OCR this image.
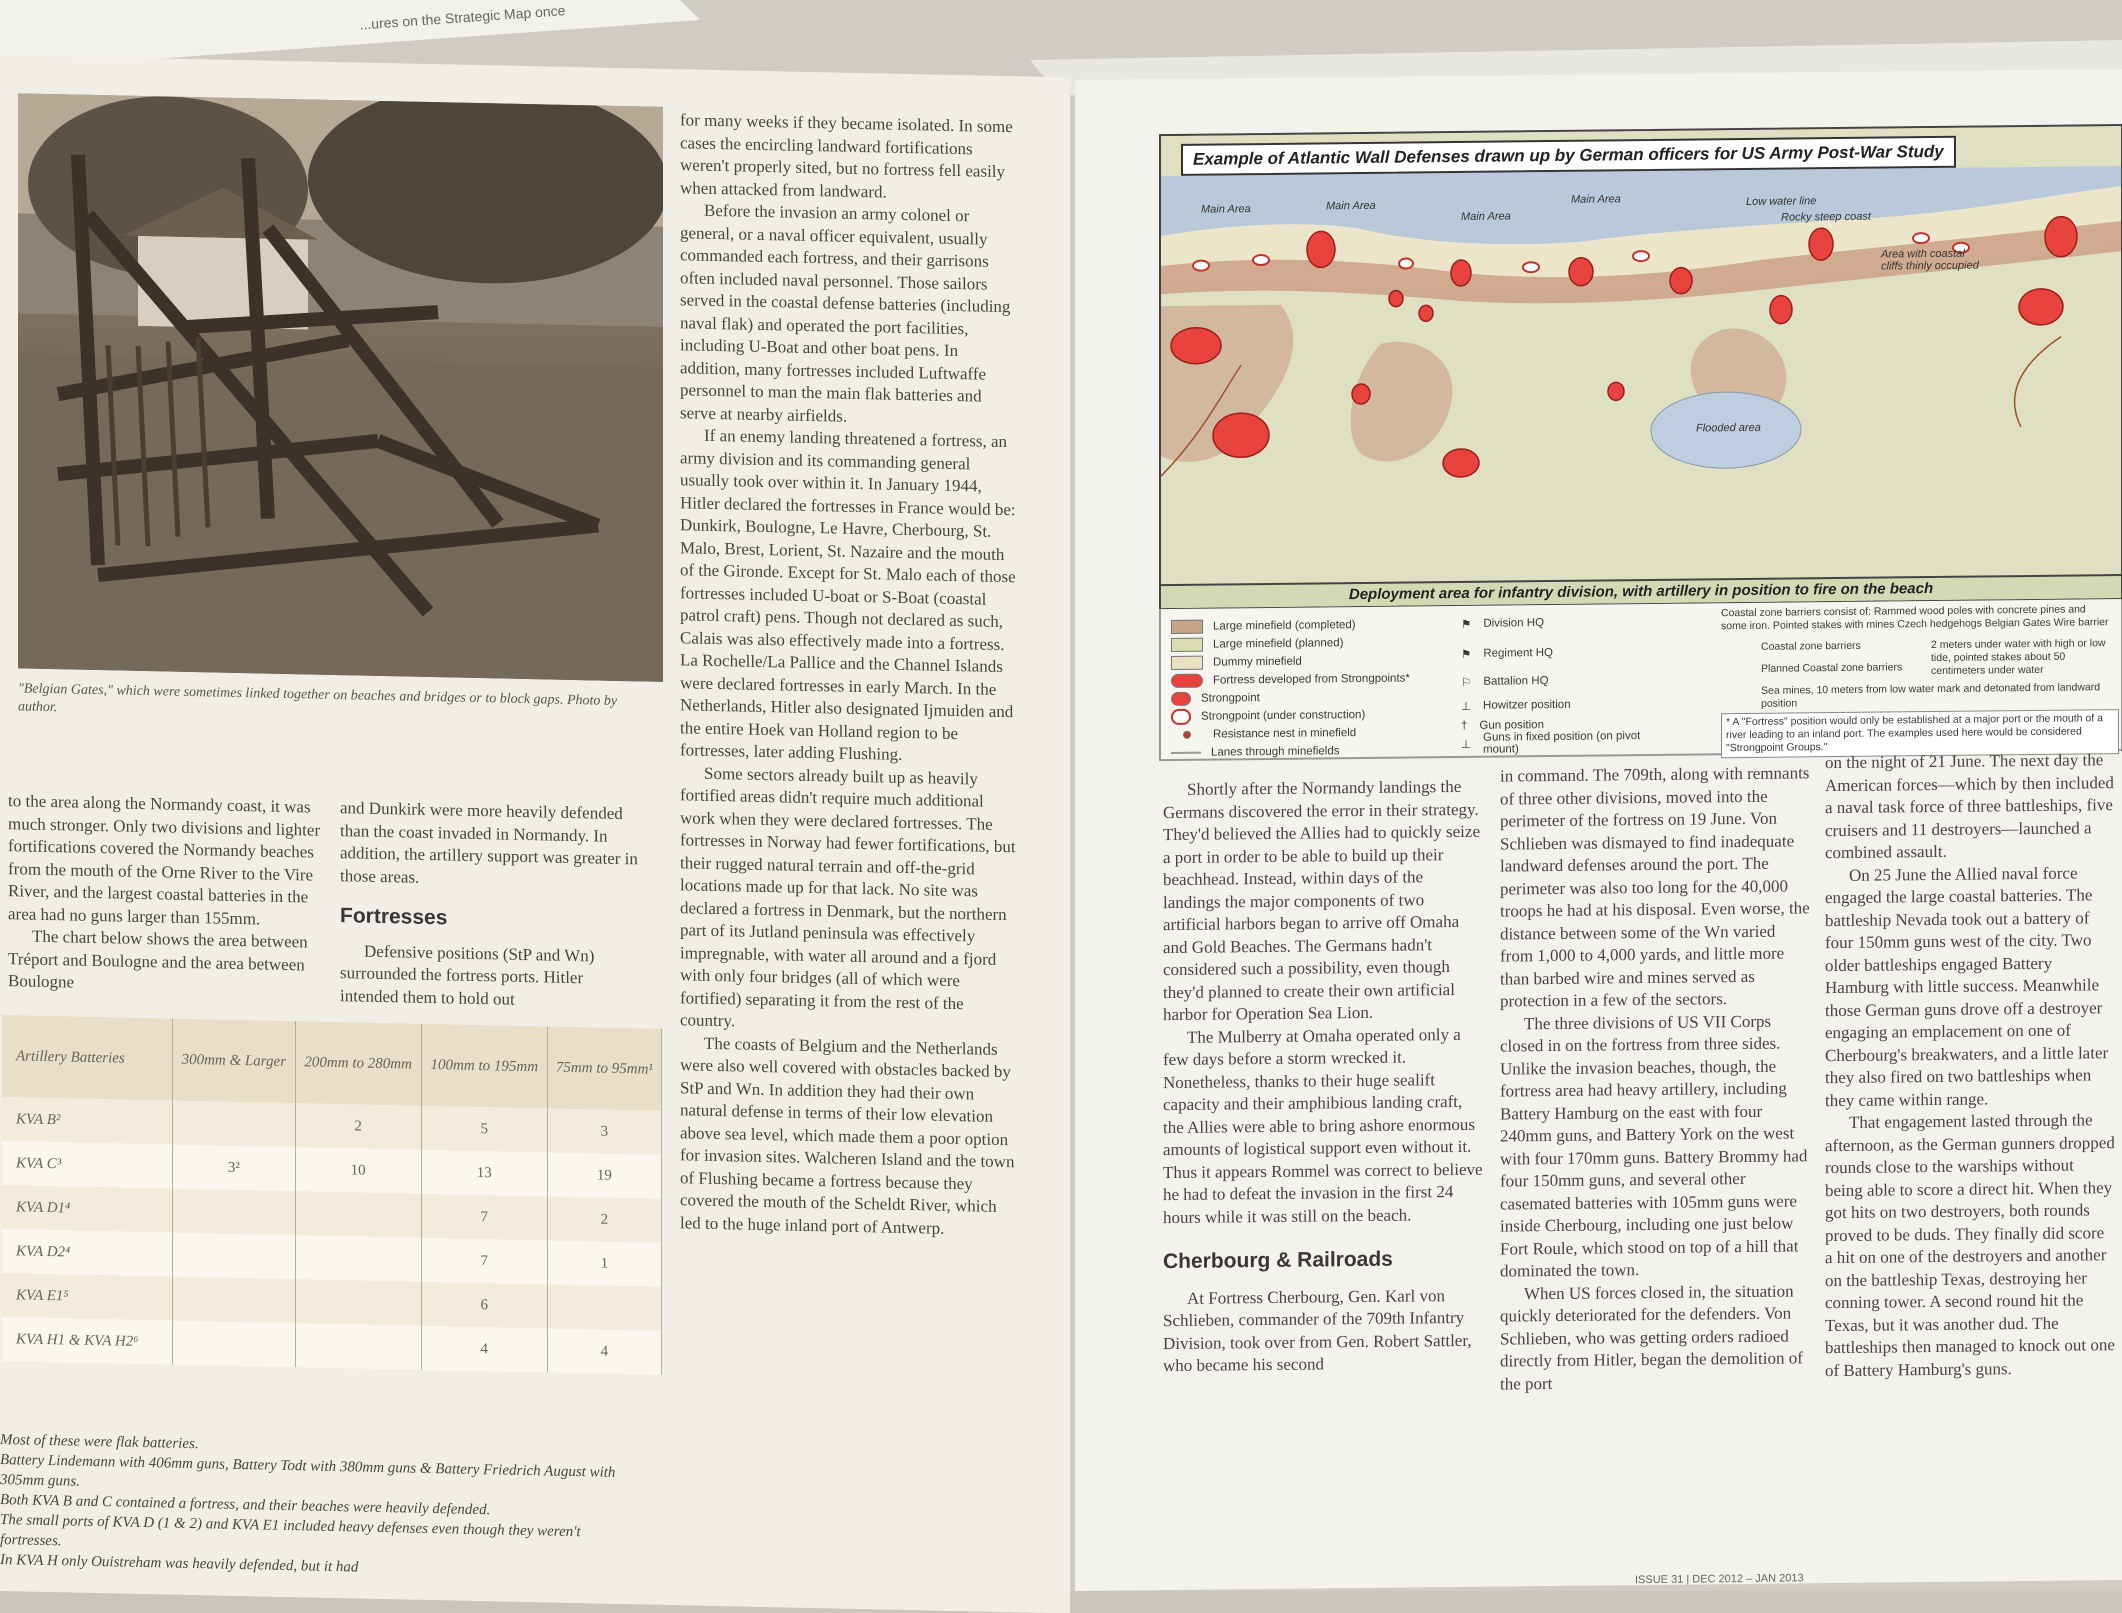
...ures on the Strategic Map once
"Belgian Gates," which were sometimes linked together on beaches and bridges or to block gaps. Photo by author.

to the area along the Normandy coast, it was much stronger. Only two divisions and lighter fortifications covered the Normandy beaches from the mouth of the Orne River to the Vire River, and the largest coastal batteries in the area had no guns larger than 155mm.

The chart below shows the area between Tréport and Boulogne and the area between Boulogne

and Dunkirk were more heavily defended than the coast invaded in Normandy. In addition, the artillery support was greater in those areas.

Fortresses

Defensive positions (StP and Wn) surrounded the fortress ports. Hitler intended them to hold out

for many weeks if they became isolated. In some cases the encircling landward fortifications weren't properly sited, but no fortress fell easily when attacked from landward.

Before the invasion an army colonel or general, or a naval officer equivalent, usually commanded each fortress, and their garrisons often included naval personnel. Those sailors served in the coastal defense batteries (including naval flak) and operated the port facilities, including U-Boat and other boat pens. In addition, many fortresses included Luftwaffe personnel to man the main flak batteries and serve at nearby airfields.

If an enemy landing threatened a fortress, an army division and its commanding general usually took over within it. In January 1944, Hitler declared the fortresses in France would be: Dunkirk, Boulogne, Le Havre, Cherbourg, St. Malo, Brest, Lorient, St. Nazaire and the mouth of the Gironde. Except for St. Malo each of those fortresses included U-boat or S-Boat (coastal patrol craft) pens. Though not declared as such, Calais was also effectively made into a fortress. La Rochelle/La Pallice and the Channel Islands were declared fortresses in early March. In the Netherlands, Hitler also designated Ijmuiden and the entire Hoek van Holland region to be fortresses, later adding Flushing.

Some sectors already built up as heavily fortified areas didn't require much additional work when they were declared fortresses. The fortresses in Norway had fewer fortifications, but their rugged natural terrain and off-the-grid locations made up for that lack. No site was declared a fortress in Denmark, but the northern part of its Jutland peninsula was effectively impregnable, with water all around and a fjord with only four bridges (all of which were fortified) separating it from the rest of the country.

The coasts of Belgium and the Netherlands were also well covered with obstacles backed by StP and Wn. In addition they had their own natural defense in terms of their low elevation above sea level, which made them a poor option for invasion sites. Walcheren Island and the town of Flushing became a fortress because they covered the mouth of the Scheldt River, which led to the huge inland port of Antwerp.

Artillery Batteries	300mm & Larger	200mm to 280mm	100mm to 195mm	75mm to 95mm¹
KVA B²		2	5	3
KVA C³	3²	10	13	19
KVA D1⁴			7	2
KVA D2⁴			7	1
KVA E1⁵			6	
KVA H1 & KVA H2⁶			4	4
Most of these were flak batteries.
Battery Lindemann with 406mm guns, Battery Todt with 380mm guns & Battery Friedrich August with 305mm guns.
Both KVA B and C contained a fortress, and their beaches were heavily defended.
The small ports of KVA D (1 & 2) and KVA E1 included heavy defenses even though they weren't fortresses.
In KVA H only Ouistreham was heavily defended, but it had
Example of Atlantic Wall Defenses drawn up by German officers for US Army Post-War Study
Main Area	Main Area
Main Area
Main Area	Low water line
Rocky steep coast
Area with coastal cliffs thinly occupied
Flooded area
Deployment area for infantry division, with artillery in position to fire on the beach
Large minefield (completed)
Large minefield (planned)
Dummy minefield
Fortress developed from Strongpoints*
Strongpoint
Strongpoint (under construction)
Resistance nest in minefield
Lanes through minefields
⚑ Division HQ
⚑ Regiment HQ
⚐ Battalion HQ
⊥ Howitzer position
† Gun position
⊥
Guns in fixed position (on pivot mount)
Coastal zone barriers consist of: Rammed wood poles with concrete pines and some iron. Pointed stakes with mines Czech hedgehogs Belgian Gates Wire barrier
Coastal zone barriers
Planned Coastal zone barriers
2 meters under water with high or low tide, pointed stakes about 50 centimeters under water
Sea mines, 10 meters from low water mark and detonated from landward position
* A "Fortress" position would only be established at a major port or the mouth of a river leading to an inland port. The examples used here would be considered "Strongpoint Groups."

Shortly after the Normandy landings the Germans discovered the error in their strategy. They'd believed the Allies had to quickly seize a port in order to be able to build up their beachhead. Instead, within days of the landings the major components of two artificial harbors began to arrive off Omaha and Gold Beaches. The Germans hadn't considered such a possibility, even though they'd planned to create their own artificial harbor for Operation Sea Lion.

The Mulberry at Omaha operated only a few days before a storm wrecked it. Nonetheless, thanks to their huge sealift capacity and their amphibious landing craft, the Allies were able to bring ashore enormous amounts of logistical support even without it. Thus it appears Rommel was correct to believe he had to defeat the invasion in the first 24 hours while it was still on the beach.

Cherbourg & Railroads

At Fortress Cherbourg, Gen. Karl von Schlieben, commander of the 709th Infantry Division, took over from Gen. Robert Sattler, who became his second

in command. The 709th, along with remnants of three other divisions, moved into the perimeter of the fortress on 19 June. Von Schlieben was dismayed to find inadequate landward defenses around the port. The perimeter was also too long for the 40,000 troops he had at his disposal. Even worse, the distance between some of the Wn varied from 1,000 to 4,000 yards, and little more than barbed wire and mines served as protection in a few of the sectors.

The three divisions of US VII Corps closed in on the fortress from three sides. Unlike the invasion beaches, though, the fortress area had heavy artillery, including Battery Hamburg on the east with four 240mm guns, and Battery York on the west with four 170mm guns. Battery Brommy had four 150mm guns, and several other casemated batteries with 105mm guns were inside Cherbourg, including one just below Fort Roule, which stood on top of a hill that dominated the town.

When US forces closed in, the situation quickly deteriorated for the defenders. Von Schlieben, who was getting orders radioed directly from Hitler, began the demolition of the port

on the night of 21 June. The next day the American forces—which by then included a naval task force of three battleships, five cruisers and 11 destroyers—launched a combined assault.

On 25 June the Allied naval force engaged the large coastal batteries. The battleship Nevada took out a battery of four 150mm guns west of the city. Two older battleships engaged Battery Hamburg with little success. Meanwhile those German guns drove off a destroyer engaging an emplacement on one of Cherbourg's breakwaters, and a little later they also fired on two battleships when they came within range.

That engagement lasted through the afternoon, as the German gunners dropped rounds close to the warships without being able to score a direct hit. When they got hits on two destroyers, both rounds proved to be duds. They finally did score a hit on one of the destroyers and another on the battleship Texas, destroying her conning tower. A second round hit the Texas, but it was another dud. The battleships then managed to knock out one of Battery Hamburg's guns.

ISSUE 31 | DEC 2012 – JAN 2013
